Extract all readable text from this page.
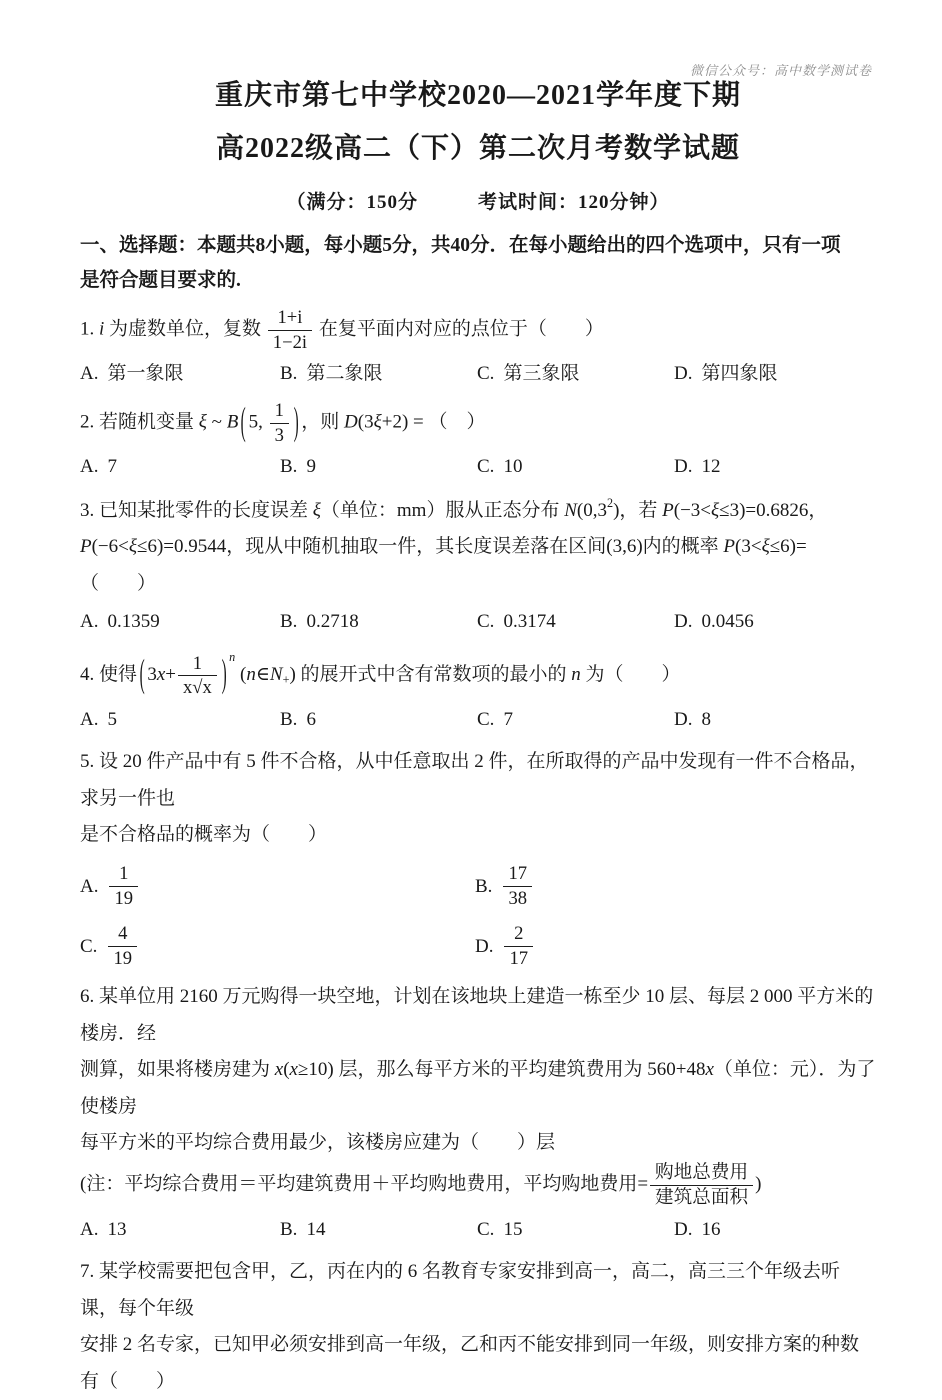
微信公众号：高中数学测试卷
重庆市第七中学校2020—2021学年度下期
高2022级高二（下）第二次月考数学试题
（满分：150分　　　考试时间：120分钟）
一、选择题：本题共8小题，每小题5分，共40分．在每小题给出的四个选项中，只有一项
是符合题目要求的.
1. i 为虚数单位，复数 $\frac{1+i}{1-2i}$ 在复平面内对应的点位于（　　）
A. 第一象限	B. 第二象限	C. 第三象限	D. 第四象限
2. 若随机变量 ξ ~ B ( 5, $\frac{1}{3}$ ) ，则 D(3ξ+2) = （　）
A. 7	B. 9	C. 10	D. 12
3. 已知某批零件的长度误差 ξ（单位：mm）服从正态分布 $N(0,3^2)$，若 P(−3<ξ≤3)=0.6826，
P(−6<ξ≤6)=0.9544，现从中随机抽取一件，其长度误差落在区间(3,6)内的概率 P(3<ξ≤6)=
（　　）
A. 0.1359	B. 0.2718	C. 0.3174	D. 0.0456
4. 使得 ( $3x+ \frac{1}{x√x}$ ) $^n$ $(n\in N_+)$ 的展开式中含有常数项的最小的 n 为（　　）
A. 5	B. 6	C. 7	D. 8
5. 设 20 件产品中有 5 件不合格，从中任意取出 2 件，在所取得的产品中发现有一件不合格品，求另一件也
是不合格品的概率为（　　）
A. $\frac{1}{19}$	B. $\frac{17}{38}$
C. $\frac{4}{19}$	D. $\frac{2}{17}$
6. 某单位用 2160 万元购得一块空地，计划在该地块上建造一栋至少 10 层、每层 2 000 平方米的楼房．经
测算，如果将楼房建为 x(x≥10) 层，那么每平方米的平均建筑费用为 560+48x（单位：元）．为了使楼房
每平方米的平均综合费用最少，该楼房应建为（　　）层
(注：平均综合费用＝平均建筑费用＋平均购地费用，平均购地费用= $\frac{\text{购地总费用}}{\text{建筑总面积}}$ )
A. 13	B. 14	C. 15	D. 16
7. 某学校需要把包含甲，乙，丙在内的 6 名教育专家安排到高一，高二，高三三个年级去听课，每个年级
安排 2 名专家，已知甲必须安排到高一年级，乙和丙不能安排到同一年级，则安排方案的种数有（　　）
